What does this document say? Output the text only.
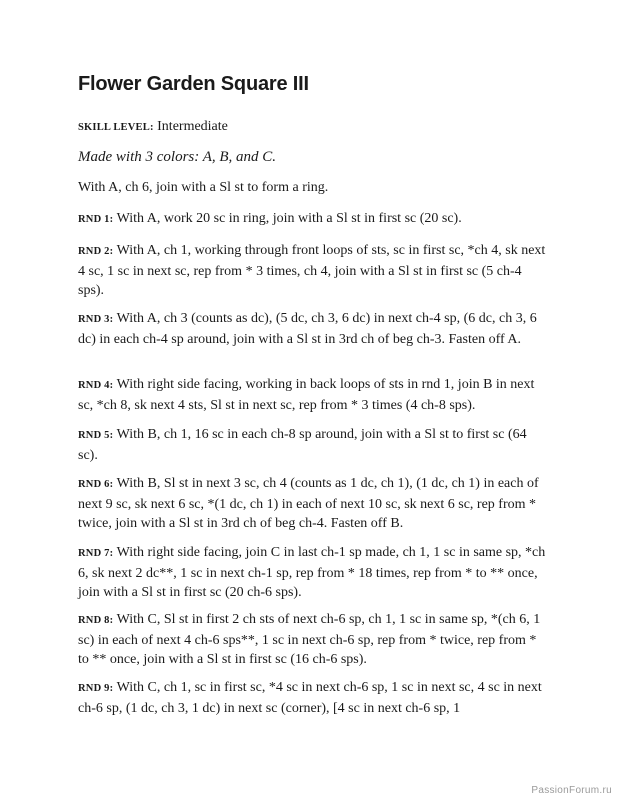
Flower Garden Square III
SKILL LEVEL: Intermediate
Made with 3 colors: A, B, and C.
With A, ch 6, join with a Sl st to form a ring.
RND 1: With A, work 20 sc in ring, join with a Sl st in first sc (20 sc).
RND 2: With A, ch 1, working through front loops of sts, sc in first sc, *ch 4, sk next 4 sc, 1 sc in next sc, rep from * 3 times, ch 4, join with a Sl st in first sc (5 ch-4 sps).
RND 3: With A, ch 3 (counts as dc), (5 dc, ch 3, 6 dc) in next ch-4 sp, (6 dc, ch 3, 6 dc) in each ch-4 sp around, join with a Sl st in 3rd ch of beg ch-3. Fasten off A.
RND 4: With right side facing, working in back loops of sts in rnd 1, join B in next sc, *ch 8, sk next 4 sts, Sl st in next sc, rep from * 3 times (4 ch-8 sps).
RND 5: With B, ch 1, 16 sc in each ch-8 sp around, join with a Sl st to first sc (64 sc).
RND 6: With B, Sl st in next 3 sc, ch 4 (counts as 1 dc, ch 1), (1 dc, ch 1) in each of next 9 sc, sk next 6 sc, *(1 dc, ch 1) in each of next 10 sc, sk next 6 sc, rep from * twice, join with a Sl st in 3rd ch of beg ch-4. Fasten off B.
RND 7: With right side facing, join C in last ch-1 sp made, ch 1, 1 sc in same sp, *ch 6, sk next 2 dc**, 1 sc in next ch-1 sp, rep from * 18 times, rep from * to ** once, join with a Sl st in first sc (20 ch-6 sps).
RND 8: With C, Sl st in first 2 ch sts of next ch-6 sp, ch 1, 1 sc in same sp, *(ch 6, 1 sc) in each of next 4 ch-6 sps**, 1 sc in next ch-6 sp, rep from * twice, rep from * to ** once, join with a Sl st in first sc (16 ch-6 sps).
RND 9: With C, ch 1, sc in first sc, *4 sc in next ch-6 sp, 1 sc in next sc, 4 sc in next ch-6 sp, (1 dc, ch 3, 1 dc) in next sc (corner), [4 sc in next ch-6 sp, 1
PassionForum.ru
